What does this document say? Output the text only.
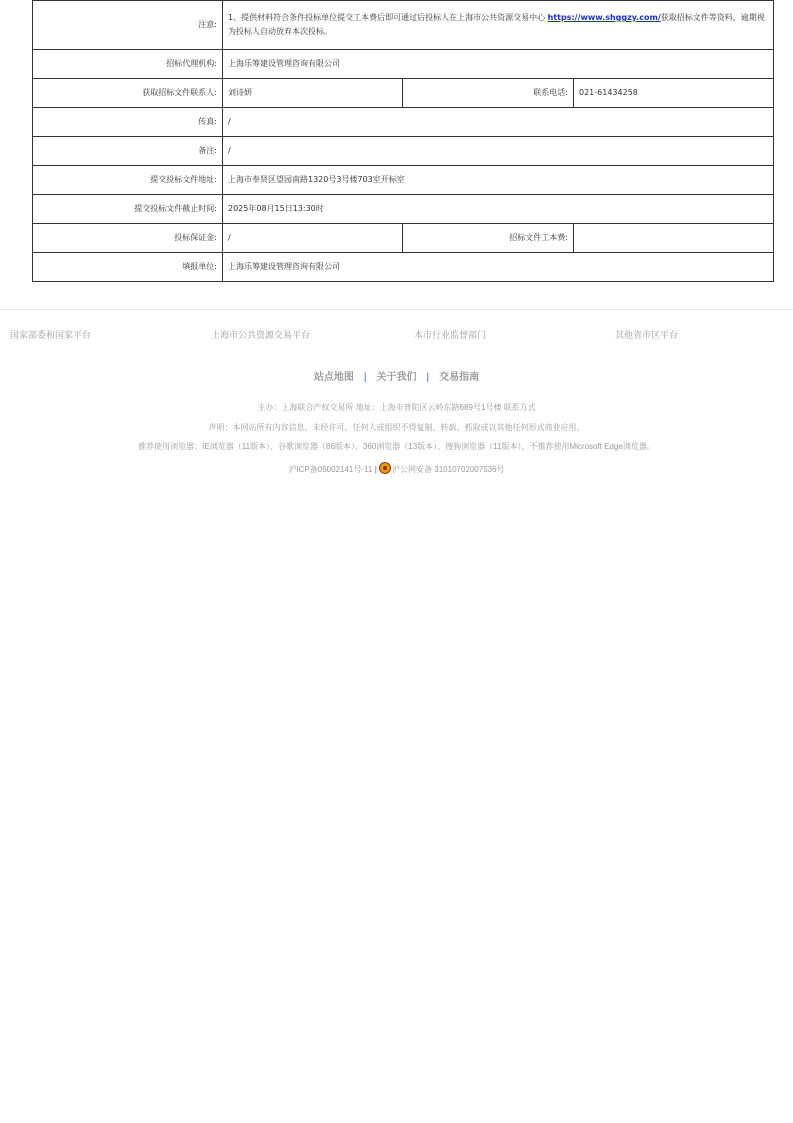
注意:	1、提供材料符合条件投标单位提交工本费后即可通过后投标人在上海市公共资源交易中心 https://www.shggzy.com/获取招标文件等资料，逾期视为投标人自动放弃本次投标。		
招标代理机构:	上海乐筹建设管理咨询有限公司		
获取招标文件联系人:	刘诗妍	联系电话:	021-61434258
传真:	/		
备注:	/		
提交投标文件地址:	上海市奉贤区望园南路1320号3号楼703室开标室		
提交投标文件截止时间:	2025年08月15日13:30时		
投标保证金:	/	招标文件工本费:	
填报单位:	上海乐筹建设管理咨询有限公司		
国家部委和国家平台	上海市公共资源交易平台	本市行业监督部门	其他省市区平台
站点地图 | 关于我们 | 交易指南
主办：上海联合产权交易所 地址：上海市普陀区云岭东路689号1号楼 联系方式
声明：本网站所有内容信息，未经许可，任何人或组织不得复制、转载、抓取或以其他任何形式商业应用。
推荐使用浏览器：IE浏览器（11版本）、谷歌浏览器（86版本）、360浏览器（13版本）、搜狗浏览器（11版本），不推荐使用Microsoft Edge浏览器。
沪ICP备05002141号-11 | 沪公网安备 31010702007536号
